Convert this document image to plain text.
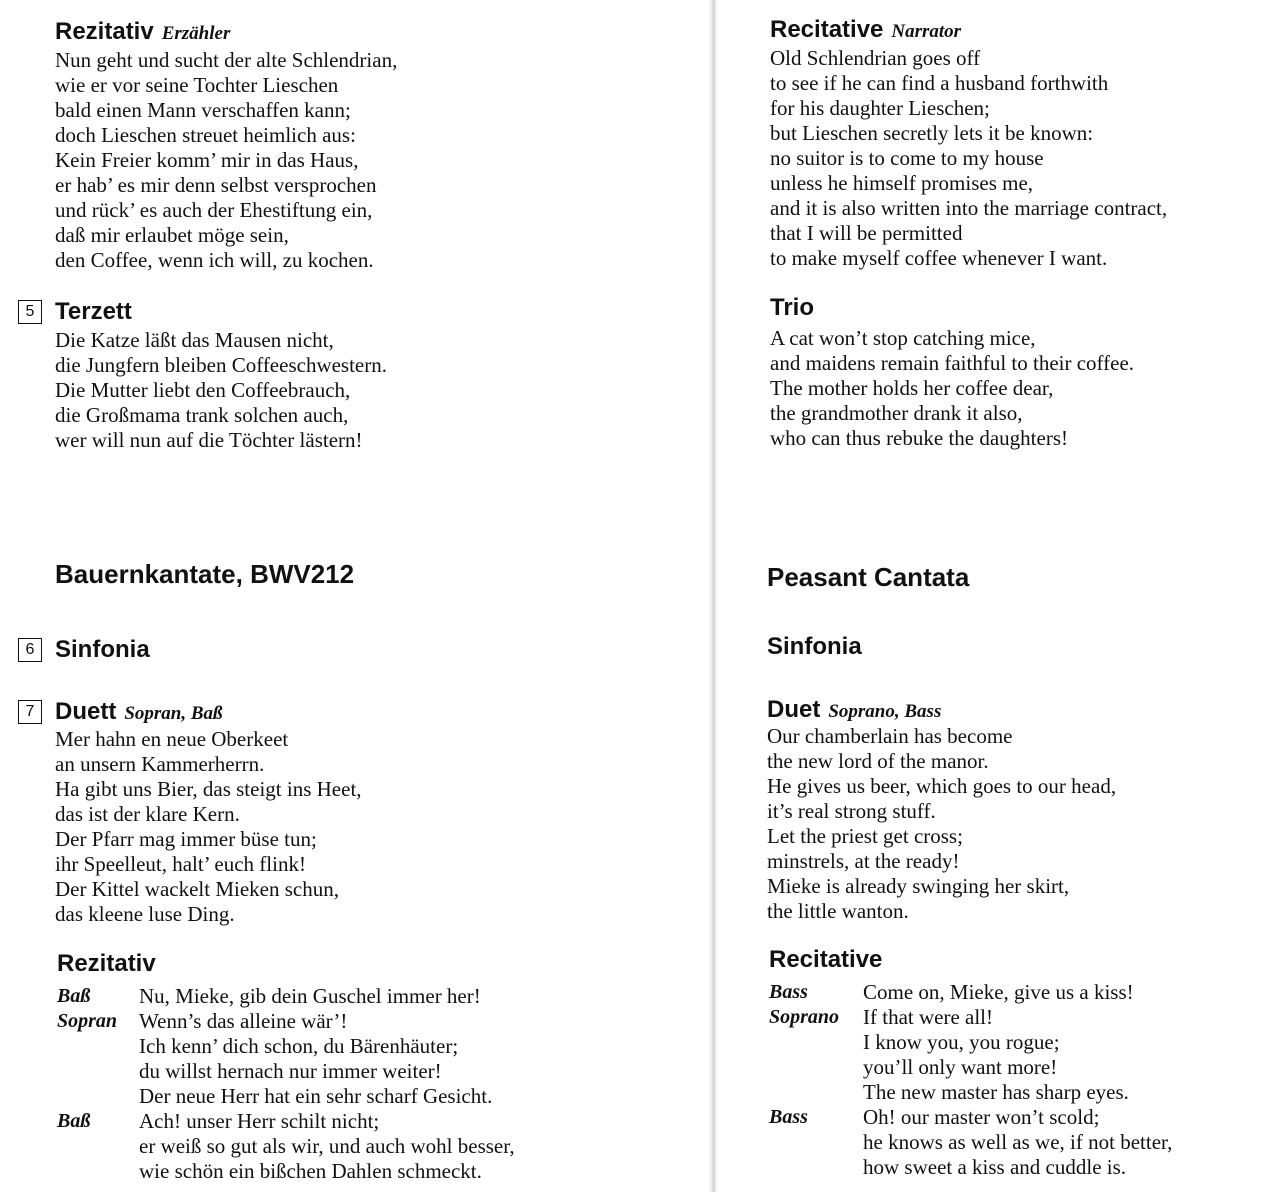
Rezitativ Erzähler
Nun geht und sucht der alte Schlendrian,
wie er vor seine Tochter Lieschen
bald einen Mann verschaffen kann;
doch Lieschen streuet heimlich aus:
Kein Freier komm’ mir in das Haus,
er hab’ es mir denn selbst versprochen
und rück’ es auch der Ehestiftung ein,
daß mir erlaubet möge sein,
den Coffee, wenn ich will, zu kochen.
5 Terzett
Die Katze läßt das Mausen nicht,
die Jungfern bleiben Coffeeschwestern.
Die Mutter liebt den Coffeebrauch,
die Großmama trank solchen auch,
wer will nun auf die Töchter lästern!
Bauernkantate, BWV212
6 Sinfonia
7 Duett Sopran, Baß
Mer hahn en neue Oberkeet
an unsern Kammerherrn.
Ha gibt uns Bier, das steigt ins Heet,
das ist der klare Kern.
Der Pfarr mag immer büse tun;
ihr Speelleut, halt’ euch flink!
Der Kittel wackelt Mieken schun,
das kleene luse Ding.
Rezitativ
Baß	Nu, Mieke, gib dein Guschel immer her!
Sopran	Wenn’s das alleine wär’!
Ich kenn’ dich schon, du Bärenhäuter;
du willst hernach nur immer weiter!
Der neue Herr hat ein sehr scharf Gesicht.
Baß	Ach! unser Herr schilt nicht;
er weiß so gut als wir, und auch wohl besser,
wie schön ein bißchen Dahlen schmeckt.
Recitative Narrator
Old Schlendrian goes off
to see if he can find a husband forthwith
for his daughter Lieschen;
but Lieschen secretly lets it be known:
no suitor is to come to my house
unless he himself promises me,
and it is also written into the marriage contract,
that I will be permitted
to make myself coffee whenever I want.
Trio
A cat won’t stop catching mice,
and maidens remain faithful to their coffee.
The mother holds her coffee dear,
the grandmother drank it also,
who can thus rebuke the daughters!
Peasant Cantata
Sinfonia
Duet Soprano, Bass
Our chamberlain has become
the new lord of the manor.
He gives us beer, which goes to our head,
it’s real strong stuff.
Let the priest get cross;
minstrels, at the ready!
Mieke is already swinging her skirt,
the little wanton.
Recitative
Bass	Come on, Mieke, give us a kiss!
Soprano	If that were all!
I know you, you rogue;
you’ll only want more!
The new master has sharp eyes.
Bass	Oh! our master won’t scold;
he knows as well as we, if not better,
how sweet a kiss and cuddle is.
